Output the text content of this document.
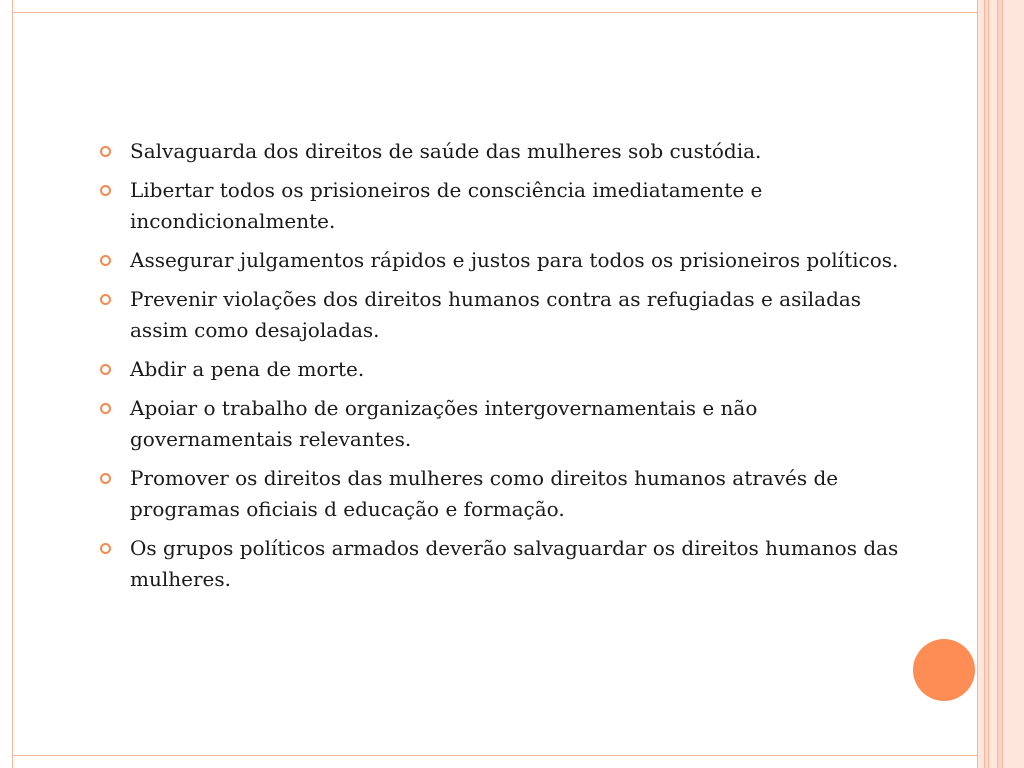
Salvaguarda dos direitos de saúde das mulheres sob custódia.
Libertar todos os prisioneiros de consciência imediatamente e incondicionalmente.
Assegurar julgamentos rápidos e justos para todos os prisioneiros políticos.
Prevenir violações dos direitos humanos contra as refugiadas e asiladas assim como desajoladas.
Abdir a pena de morte.
Apoiar o trabalho de organizações intergovernamentais e não governamentais relevantes.
Promover os direitos das mulheres como direitos humanos através de programas oficiais d educação e formação.
Os grupos políticos armados deverão salvaguardar os direitos humanos das mulheres.
